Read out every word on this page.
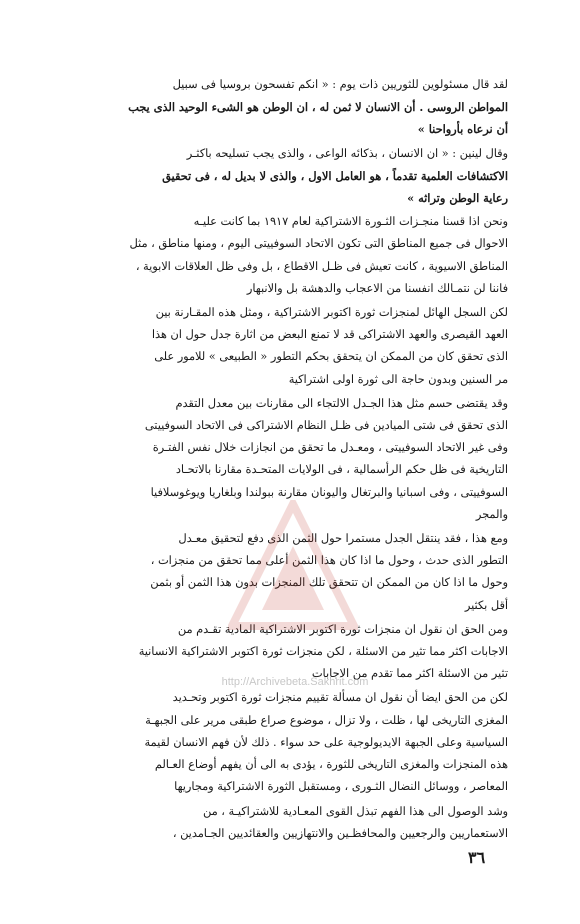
لقد قال مسئولوين للثوريين ذات يوم : « انكم تفسحون بروسيا فى سبيل
المواطن الروسى . أن الانسان لا ثمن له ، ان الوطن هو الشىء الوحيد الذى يجب
أن نرعاه بأرواحنا »
وقال لينين : « ان الانسان ، بذكائه الواعى ، والذى يجب تسليحه باكثـر
الاكتشافات العلمية تقدماً ، هو العامل الاول ، والذى لا بديل له ، فى تحقيق
رعاية الوطن وتراثه »
ونحن اذا قسنا منجـزات الثـورة الاشتراكية لعام ١٩١٧ بما كانت عليـه
الاحوال فى جميع المناطق التى تكون الاتحاد السوفييتى اليوم ، ومنها مناطق ، مثل
المناطق الاسيوية ، كانت تعيش فى ظـل الاقطاع ، بل وفى ظل العلاقات الابوية ،
فاننا لن نتمـالك انفسنا من الاعجاب والدهشة بل والانبهار
لكن السجل الهائل لمنجزات ثورة اكتوبر الاشتراكية ، ومثل هذه المقـارنة بين
العهد القيصرى والعهد الاشتراكى قد لا تمنع البعض من اثارة جدل حول ان هذا
الذى تحقق كان من الممكن ان يتحقق بحكم التطور « الطبيعى » للامور على
مر السنين وبدون حاجة الى ثورة اولى اشتراكية
وقد يقتضى حسم مثل هذا الجـدل الالتجاء الى مقارنات بين معدل التقدم
الذى تحقق فى شتى الميادين فى ظـل النظام الاشتراكى فى الاتحاد السوفييتى
وفى غير الاتحاد السوفييتى ، ومعـدل ما تحقق من انجازات خلال نفس الفتـرة
التاريخية فى ظل حكم الرأسمالية ، فى الولايات المتحـدة مقارنا بالاتحـاد
السوفييتى ، وفى اسبانيا والبرتغال واليونان مقارنة ببولندا وبلغاريا ويوغوسلافيا
والمجر
ومع هذا ، فقد ينتقل الجدل مستمرا حول الثمن الذى دفع لتحقيق معـدل
التطور الذى حدث ، وحول ما اذا كان هذا الثمن أعلى مما تحقق من منجزات ،
وحول ما اذا كان من الممكن ان تتحقق تلك المنجزات بدون هذا الثمن أو بثمن
أقل بكثير
ومن الحق ان نقول ان منجزات ثورة اكتوبر الاشتراكية المادية تقـدم من
الاجابات اكثر مما تثير من الاسئلة ، لكن منجزات ثورة اكتوبر الاشتراكية الانسانية
تثير من الاسئلة اكثر مما تقدم من الاجابات
لكن من الحق ايضا أن نقول ان مسألة تقييم منجزات ثورة اكتوبر وتحـديد
المغزى التاريخى لها ، ظلت ، ولا تزال ، موضوع صراع طبقى مرير على الجبهـة
السياسية وعلى الجبهة الايديولوجية على حد سواء . ذلك لأن فهم الانسان لقيمة
هذه المنجزات والمغزى التاريخى للثورة ، يؤدى به الى أن يفهم أوضاع العـالم
المعاصر ، ووسائل النضال الثـورى ، ومستقبل الثورة الاشتراكية ومجاريها
وشد الوصول الى هذا الفهم تبذل القوى المعـادية للاشتراكيـة ، من
الاستعماريين والرجعيين والمحافظـين والانتهازيين والعقائديين الجـامدين ،
http://Archivebeta.Sakhrit.com
٣٦
